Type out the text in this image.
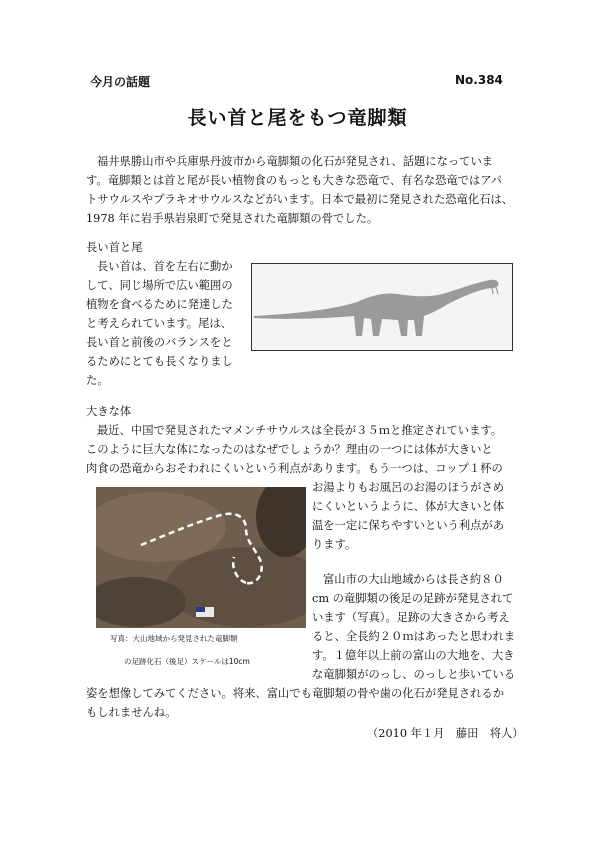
今月の話題	No.384
長い首と尾をもつ竜脚類
福井県勝山市や兵庫県丹波市から竜脚類の化石が発見され、話題になっていま
す。竜脚類とは首と尾が長い植物食のもっとも大きな恐竜で、有名な恐竜ではアパ
トサウルスやブラキオサウルスなどがいます。日本で最初に発見された恐竜化石は、
1978 年に岩手県岩泉町で発見された竜脚類の骨でした。
長い首と尾
長い首は、首を左右に動か
して、同じ場所で広い範囲の
植物を食べるために発達した
と考えられています。尾は、
長い首と前後のバランスをと
るためにとても長くなりまし
た。
大きな体
最近、中国で発見されたマメンチサウルスは全長が３５ｍと推定されています。
このように巨大な体になったのはなぜでしょうか？理由の一つには体が大きいと
肉食の恐竜からおそわれにくいという利点があります。もう一つは、コップ１杯の
写真：大山地域から発見された竜脚類
の足跡化石（後足）スケールは10cm
お湯よりもお風呂のお湯のほうがさめ
にくいというように、体が大きいと体
温を一定に保ちやすいという利点があ
ります。
富山市の大山地域からは長さ約８０
cm の竜脚類の後足の足跡が発見されて
います（写真）。足跡の大きさから考え
ると、全長約２０ｍはあったと思われま
す。１億年以上前の富山の大地を、大き
な竜脚類がのっし、のっしと歩いている
姿を想像してみてください。将来、富山でも竜脚類の骨や歯の化石が発見されるか
もしれませんね。
（2010 年１月　藤田　将人）
